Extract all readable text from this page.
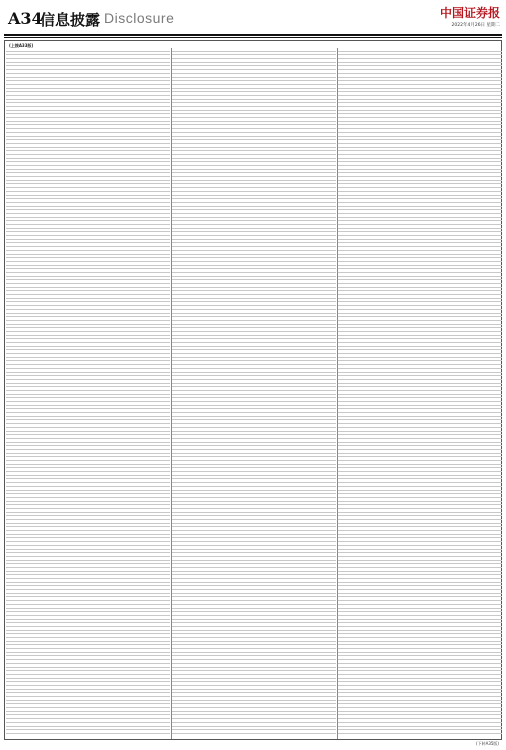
A34
信息披露 Disclosure	中国证券报
2022年4月26日 星期二
(上接A33版)
(下转A35版)
